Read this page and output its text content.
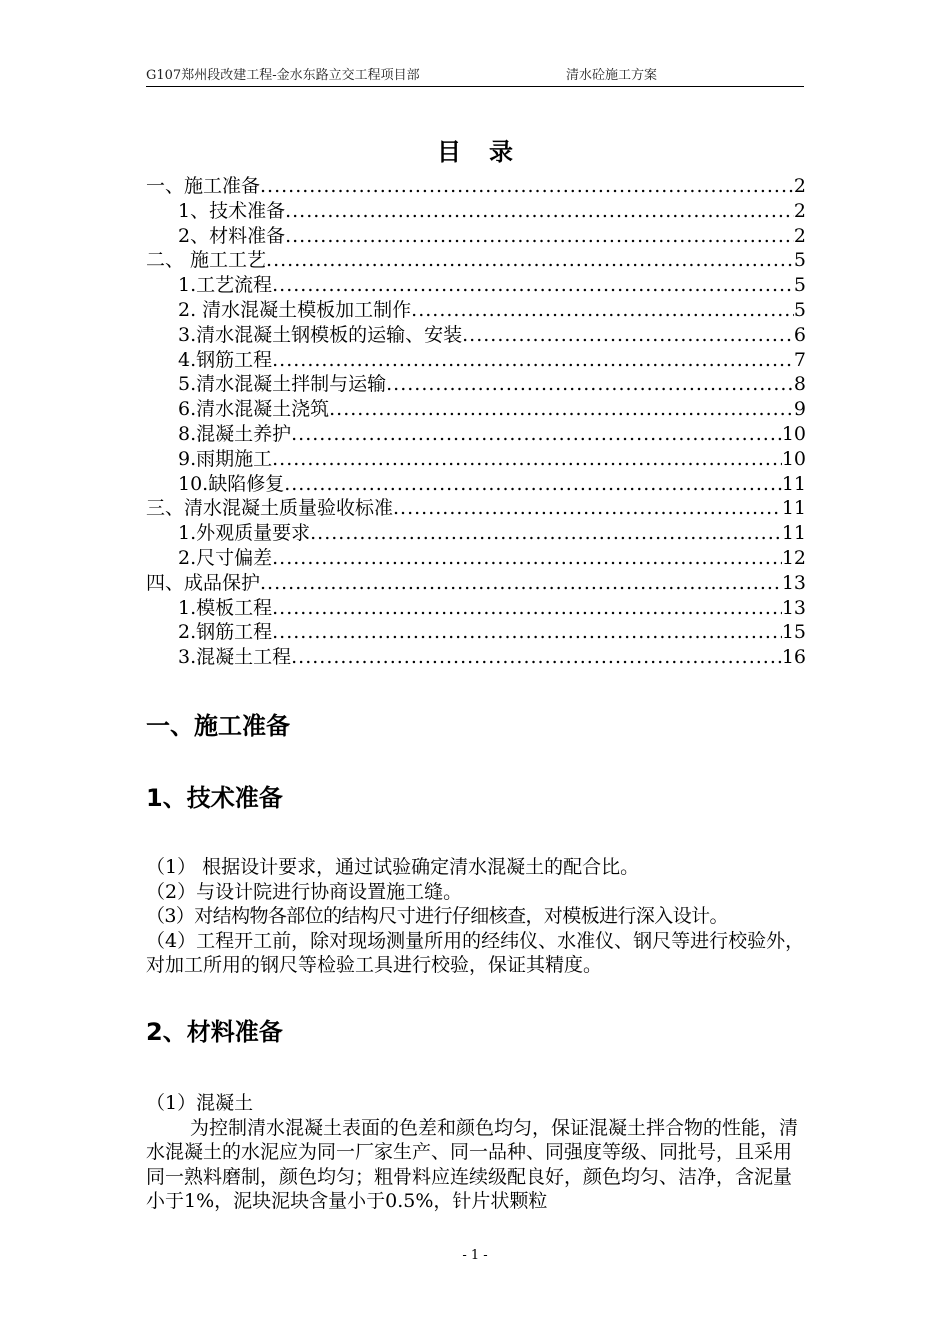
G107郑州段改建工程-金水东路立交工程项目部	清水砼施工方案
目 录
一、施工准备 .....	2
1、技术准备 .....	2
2、材料准备 .....	2
二、 施工工艺 .....	5
1.工艺流程 .....	5
2. 清水混凝土模板加工制作 .....	5
3.清水混凝土钢模板的运输、安装 .....	6
4.钢筋工程 .....	7
5.清水混凝土拌制与运输 .....	8
6.清水混凝土浇筑 .....	9
8.混凝土养护 .....	10
9.雨期施工 .....	10
10.缺陷修复 .....	11
三、清水混凝土质量验收标准 .....	11
1.外观质量要求 .....	11
2.尺寸偏差 .....	12
四、成品保护 .....	13
1.模板工程 .....	13
2.钢筋工程 .....	15
3.混凝土工程 .....	16
一、施工准备
1、技术准备

（1） 根据设计要求，通过试验确定清水混凝土的配合比。

（2）与设计院进行协商设置施工缝。

（3）对结构物各部位的结构尺寸进行仔细核查，对模板进行深入设计。

（4）工程开工前，除对现场测量所用的经纬仪、水准仪、钢尺等进行校验外，对加工所用的钢尺等检验工具进行校验，保证其精度。

2、材料准备

（1）混凝土

为控制清水混凝土表面的色差和颜色均匀，保证混凝土拌合物的性能，清水混凝土的水泥应为同一厂家生产、同一品种、同强度等级、同批号，且采用同一熟料磨制，颜色均匀；粗骨料应连续级配良好，颜色均匀、洁净，含泥量小于1%，泥块泥块含量小于0.5%，针片状颗粒

- 1 -
